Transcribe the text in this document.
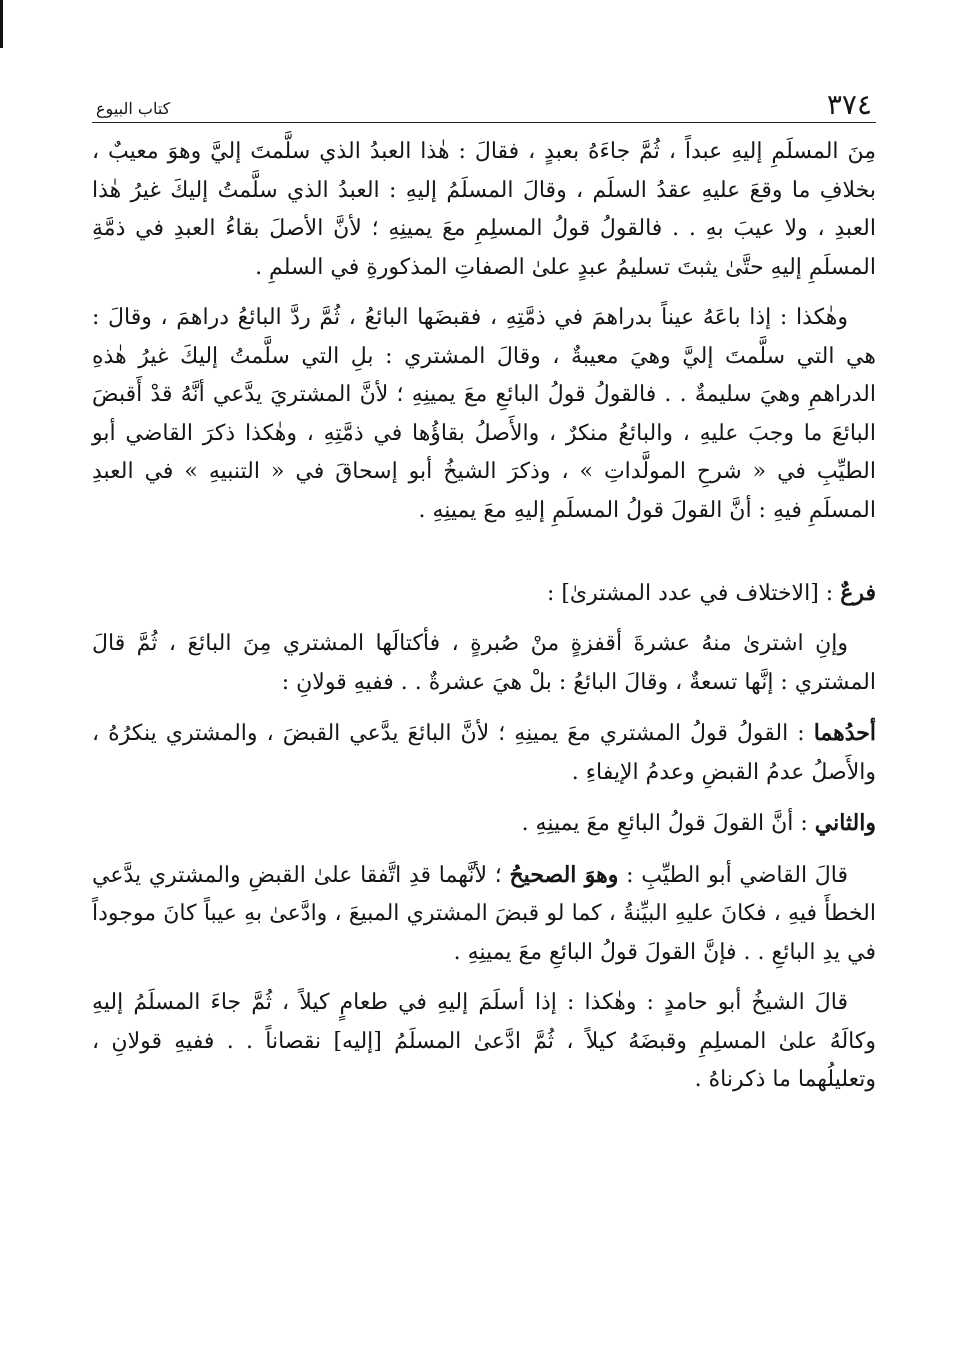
٣٧٤
كتاب البيوع

مِنَ المسلَمِ إليهِ عبداً ، ثُمَّ جاءَهُ بعبدٍ ، فقالَ : هٰذا العبدُ الذي سلَّمتَ إليَّ وهوَ معيبٌ ، بخلافِ ما وقعَ عليهِ عقدُ السلَم ، وقالَ المسلَمُ إليهِ : العبدُ الذي سلَّمتُ إليكَ غيرُ هٰذا العبدِ ، ولا عيبَ بهِ . . فالقولُ قولُ المسلِمِ معَ يمينِهِ ؛ لأنَّ الأصلَ بقاءُ العبدِ في ذمَّةِ المسلَمِ إليهِ حتَّىٰ يثبتَ تسليمُ عبدٍ علىٰ الصفاتِ المذكورةِ في السلمِ .

وهٰكذا : إذا باعَهُ عيناً بدراهمَ في ذمَّتِهِ ، فقبضَها البائعُ ، ثُمَّ ردَّ البائعُ دراهمَ ، وقالَ : هي التي سلَّمتَ إليَّ وهيَ معيبةٌ ، وقالَ المشتري : بلِ التي سلَّمتُ إليكَ غيرُ هٰذهِ الدراهمِ وهيَ سليمةٌ . . فالقولُ قولُ البائعِ معَ يمينِهِ ؛ لأنَّ المشتريَ يدَّعي أنَّهُ قدْ أَقبضَ البائعَ ما وجبَ عليهِ ، والبائعُ منكرٌ ، والأَصلُ بقاؤُها في ذمَّتِهِ ، وهٰكذا ذكرَ القاضي أبو الطيِّبِ في « شرحِ المولَّداتِ » ، وذكرَ الشيخُ أبو إسحاقَ في « التنبيهِ » في العبدِ المسلَمِ فيهِ : أنَّ القولَ قولُ المسلَمِ إليهِ معَ يمينِهِ .

فرعٌ : [الاختلاف في عدد المشترىٰ] :

وإنِ اشترىٰ منهُ عشرةَ أقفزةٍ منْ صُبرةٍ ، فأكتالَها المشتري مِنَ البائعَ ، ثُمَّ قالَ المشتري : إنَّها تسعةٌ ، وقالَ البائعُ : بلْ هيَ عشرةٌ . . ففيهِ قولانِ :

أحدُهما : القولُ قولُ المشتري معَ يمينِهِ ؛ لأنَّ البائعَ يدَّعي القبضَ ، والمشتري ينكرُهُ ، والأَصلُ عدمُ القبضِ وعدمُ الإيفاءِ .

والثاني : أنَّ القولَ قولُ البائعِ معَ يمينِهِ .

قالَ القاضي أبو الطيِّبِ : وهوَ الصحيحُ ؛ لأنَّهما قدِ اتَّفقا علىٰ القبضِ والمشتري يدَّعي الخطأَ فيهِ ، فكانَ عليهِ البيِّنةُ ، كما لو قبضَ المشتري المبيعَ ، وادَّعىٰ بهِ عيباً كانَ موجوداً في يدِ البائعِ . . فإنَّ القولَ قولُ البائعِ معَ يمينِهِ .

قالَ الشيخُ أبو حامدٍ : وهٰكذا : إذا أسلَمَ إليهِ في طعامٍ كيلاً ، ثُمَّ جاءَ المسلَمُ إليهِ وكالَهُ علىٰ المسلِمِ وقبضَهُ كيلاً ، ثُمَّ ادَّعىٰ المسلَمُ [إليه] نقصاناً . . ففيهِ قولانِ ، وتعليلُهما ما ذكرناهُ .
